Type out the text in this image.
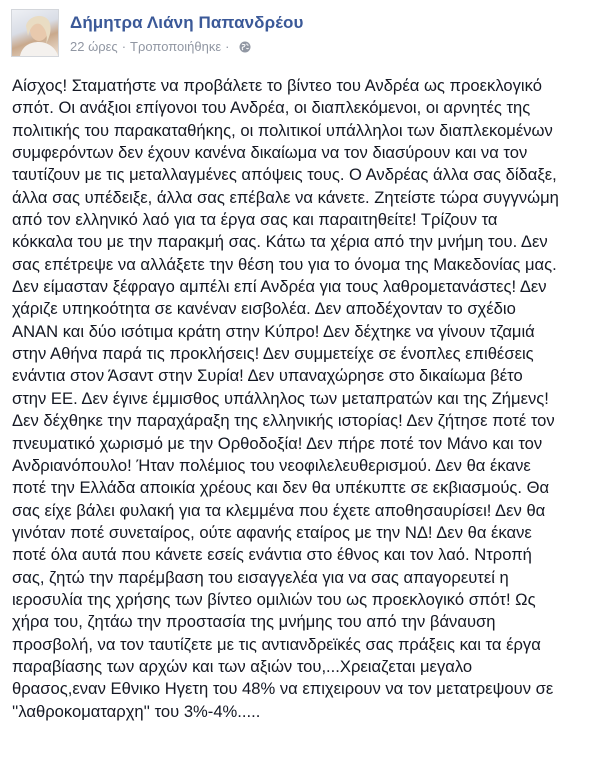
Δήμητρα Λιάνη Παπανδρέου
22 ώρες · Τροποποιήθηκε ·
Αίσχος! Σταματήστε να προβάλετε το βίντεο του Ανδρέα ως προεκλογικό
σπότ. Οι ανάξιοι επίγονοι του Ανδρέα, οι διαπλεκόμενοι, οι αρνητές της
πολιτικής του παρακαταθήκης, οι πολιτικοί υπάλληλοι των διαπλεκομένων
συμφερόντων δεν έχουν κανένα δικαίωμα να τον διασύρουν και να τον
ταυτίζουν με τις μεταλλαγμένες απόψεις τους. Ο Ανδρέας άλλα σας δίδαξε,
άλλα σας υπέδειξε, άλλα σας επέβαλε να κάνετε. Ζητείστε τώρα συγγνώμη
από τον ελληνικό λαό για τα έργα σας και παραιτηθείτε! Τρίζουν τα
κόκκαλα του με την παρακμή σας. Κάτω τα χέρια από την μνήμη του. Δεν
σας επέτρεψε να αλλάξετε την θέση του για το όνομα της Μακεδονίας μας.
Δεν είμασταν ξέφραγο αμπέλι επί Ανδρέα για τους λαθρομετανάστες! Δεν
χάριζε υπηκοότητα σε κανέναν εισβολέα. Δεν αποδέχονταν το σχέδιο
ΑΝΑΝ και δύο ισότιμα κράτη στην Κύπρο! Δεν δέχτηκε να γίνουν τζαμιά
στην Αθήνα παρά τις προκλήσεις! Δεν συμμετείχε σε ένοπλες επιθέσεις
ενάντια στον Άσαντ στην Συρία! Δεν υπαναχώρησε στο δικαίωμα βέτο
στην ΕΕ. Δεν έγινε έμμισθος υπάλληλος των μεταπρατών και της Ζήμενς!
Δεν δέχθηκε την παραχάραξη της ελληνικής ιστορίας! Δεν ζήτησε ποτέ τον
πνευματικό χωρισμό με την Ορθοδοξία! Δεν πήρε ποτέ τον Μάνο και τον
Ανδριανόπουλο! Ήταν πολέμιος του νεοφιλελευθερισμού. Δεν θα έκανε
ποτέ την Ελλάδα αποικία χρέους και δεν θα υπέκυπτε σε εκβιασμούς. Θα
σας είχε βάλει φυλακή για τα κλεμμένα που έχετε αποθησαυρίσει! Δεν θα
γινόταν ποτέ συνεταίρος, ούτε αφανής εταίρος με την ΝΔ! Δεν θα έκανε
ποτέ όλα αυτά που κάνετε εσείς ενάντια στο έθνος και τον λαό. Ντροπή
σας, ζητώ την παρέμβαση του εισαγγελέα για να σας απαγορευτεί η
ιεροσυλία της χρήσης των βίντεο ομιλιών του ως προεκλογικό σπότ! Ως
χήρα του, ζητάω την προστασία της μνήμης του από την βάναυση
προσβολή, να τον ταυτίζετε με τις αντιανδρεϊκές σας πράξεις και τα έργα
παραβίασης των αρχών και των αξιών του,...Χρειαζεται μεγαλο
θρασος,εναν Εθνικο Ηγετη του 48% να επιχειρουν να τον μετατρεψουν σε
''λαθροκοματαρχη'' του 3%-4%.....
